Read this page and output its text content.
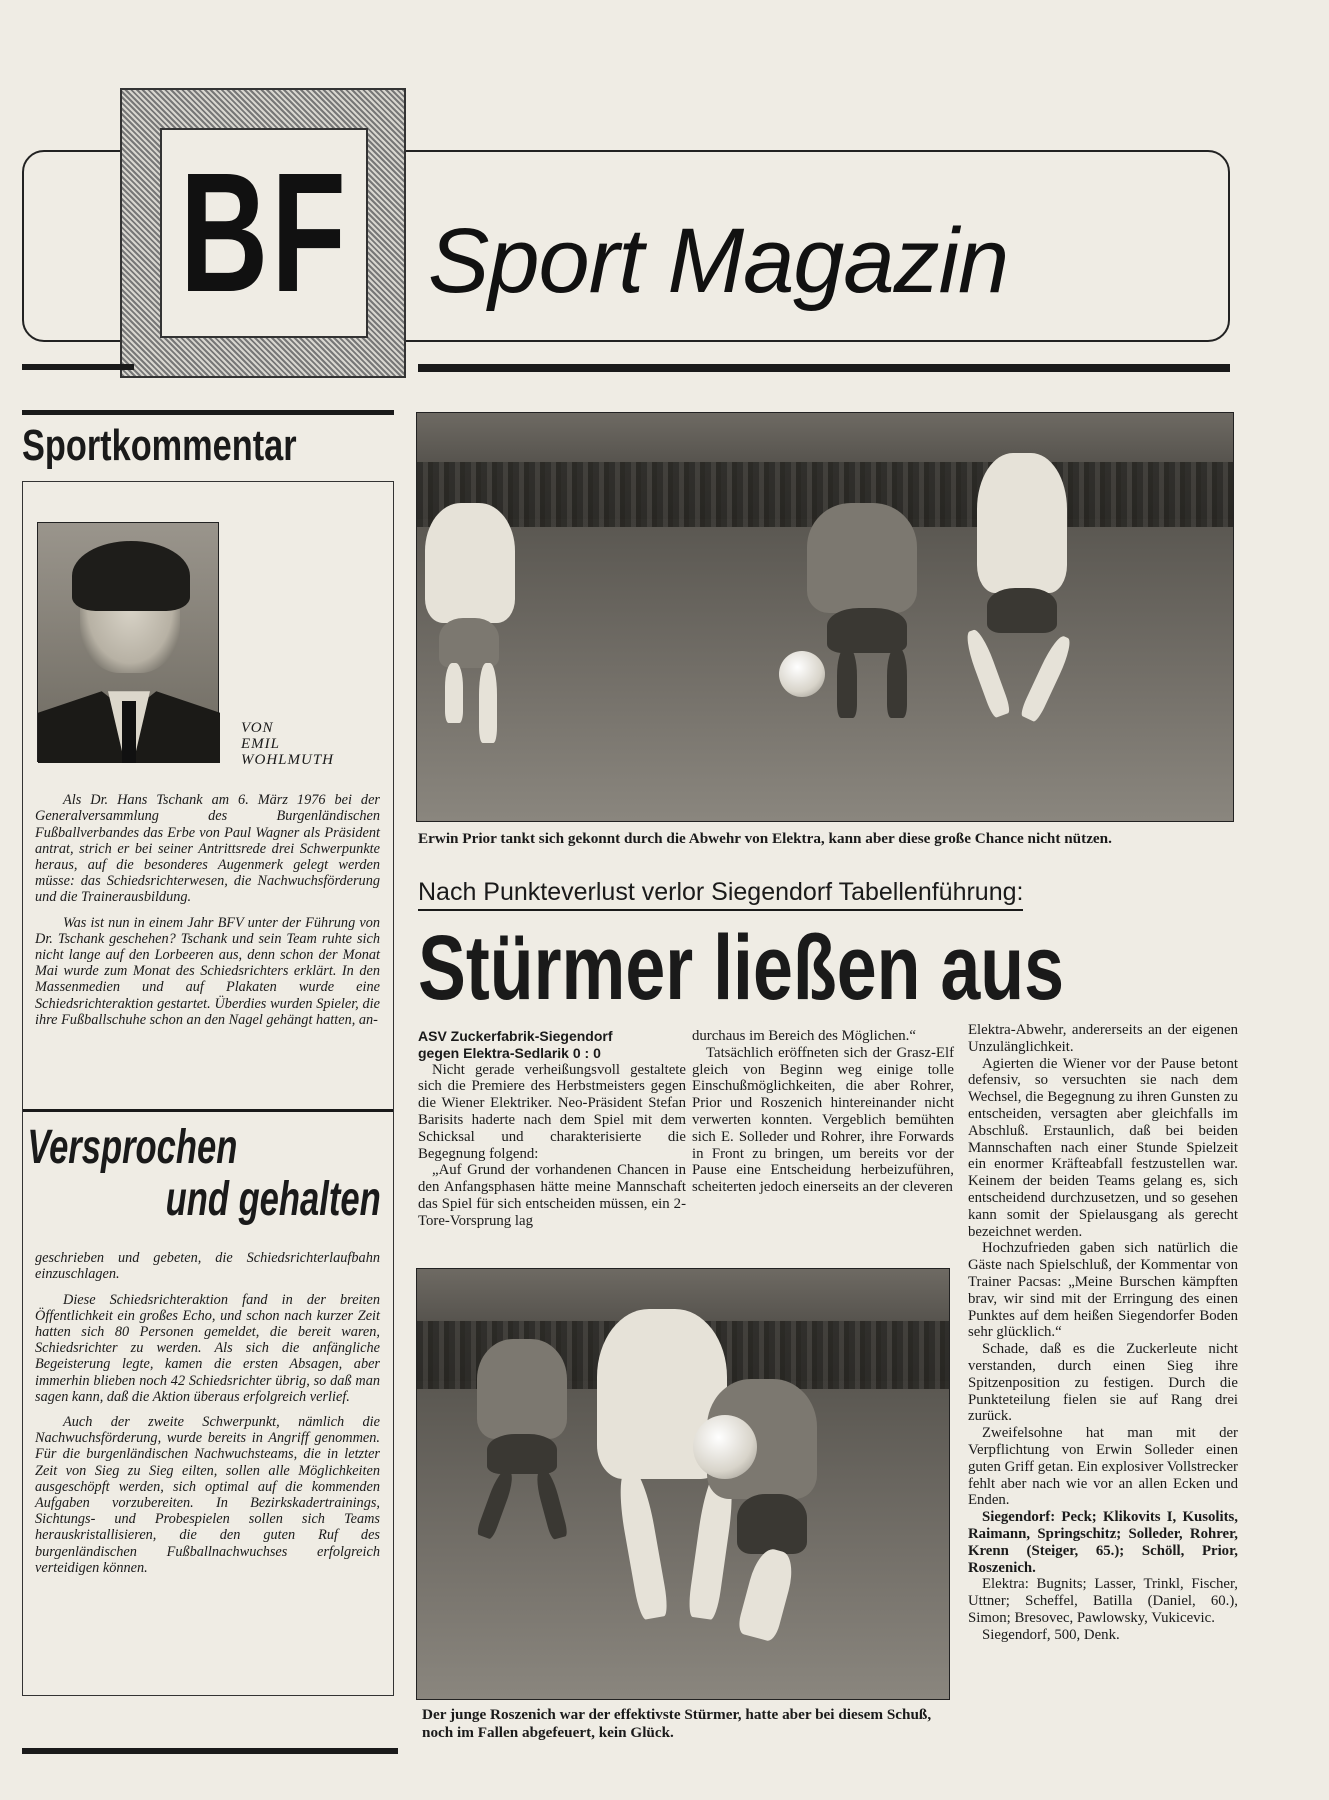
BF Sport Magazin
Sportkommentar
VON
EMIL
WOHLMUTH

Als Dr. Hans Tschank am 6. März 1976 bei der Generalversammlung des Burgenländischen Fußballverbandes das Erbe von Paul Wagner als Präsident antrat, strich er bei seiner Antrittsrede drei Schwerpunkte heraus, auf die besonderes Augenmerk gelegt werden müsse: das Schiedsrichterwesen, die Nachwuchsförderung und die Trainerausbildung.

Was ist nun in einem Jahr BFV unter der Führung von Dr. Tschank geschehen? Tschank und sein Team ruhte sich nicht lange auf den Lorbeeren aus, denn schon der Monat Mai wurde zum Monat des Schiedsrichters erklärt. In den Massenmedien und auf Plakaten wurde eine Schiedsrichteraktion gestartet. Überdies wurden Spieler, die ihre Fußballschuhe schon an den Nagel gehängt hatten, an-

Versprochen
und gehalten

geschrieben und gebeten, die Schiedsrichterlaufbahn einzuschlagen.

Diese Schiedsrichteraktion fand in der breiten Öffentlichkeit ein großes Echo, und schon nach kurzer Zeit hatten sich 80 Personen gemeldet, die bereit waren, Schiedsrichter zu werden. Als sich die anfängliche Begeisterung legte, kamen die ersten Absagen, aber immerhin blieben noch 42 Schiedsrichter übrig, so daß man sagen kann, daß die Aktion überaus erfolgreich verlief.

Auch der zweite Schwerpunkt, nämlich die Nachwuchsförderung, wurde bereits in Angriff genommen. Für die burgenländischen Nachwuchsteams, die in letzter Zeit von Sieg zu Sieg eilten, sollen alle Möglichkeiten ausgeschöpft werden, sich optimal auf die kommenden Aufgaben vorzubereiten. In Bezirkskadertrainings, Sichtungs- und Probespielen sollen sich Teams herauskristallisieren, die den guten Ruf des burgenländischen Fußballnachwuchses erfolgreich verteidigen können.

Erwin Prior tankt sich gekonnt durch die Abwehr von Elektra, kann aber diese große Chance nicht nützen.
Nach Punkteverlust verlor Siegendorf Tabellenführung:
Stürmer ließen aus

ASV Zuckerfabrik-Siegendorf

gegen Elektra-Sedlarik 0 : 0

Nicht gerade verheißungsvoll gestaltete sich die Premiere des Herbstmeisters gegen die Wiener Elektriker. Neo-Präsident Stefan Barisits haderte nach dem Spiel mit dem Schicksal und charakterisierte die Begegnung folgend:

„Auf Grund der vorhandenen Chancen in den Anfangsphasen hätte meine Mannschaft das Spiel für sich entscheiden müssen, ein 2-Tore-Vorsprung lag

durchaus im Bereich des Möglichen.“

Tatsächlich eröffneten sich der Grasz-Elf gleich von Beginn weg einige tolle Einschußmöglichkeiten, die aber Rohrer, Prior und Roszenich hintereinander nicht verwerten konnten. Vergeblich bemühten sich E. Solleder und Rohrer, ihre Forwards in Front zu bringen, um bereits vor der Pause eine Entscheidung herbeizuführen, scheiterten jedoch einerseits an der cleveren

Elektra-Abwehr, andererseits an der eigenen Unzulänglichkeit.

Agierten die Wiener vor der Pause betont defensiv, so versuchten sie nach dem Wechsel, die Begegnung zu ihren Gunsten zu entscheiden, versagten aber gleichfalls im Abschluß. Erstaunlich, daß bei beiden Mannschaften nach einer Stunde Spielzeit ein enormer Kräfteabfall festzustellen war. Keinem der beiden Teams gelang es, sich entscheidend durchzusetzen, und so gesehen kann somit der Spielausgang als gerecht bezeichnet werden.

Hochzufrieden gaben sich natürlich die Gäste nach Spielschluß, der Kommentar von Trainer Pacsas: „Meine Burschen kämpften brav, wir sind mit der Erringung des einen Punktes auf dem heißen Siegendorfer Boden sehr glücklich.“

Schade, daß es die Zuckerleute nicht verstanden, durch einen Sieg ihre Spitzenposition zu festigen. Durch die Punkteteilung fielen sie auf Rang drei zurück.

Zweifelsohne hat man mit der Verpflichtung von Erwin Solleder einen guten Griff getan. Ein explosiver Vollstrecker fehlt aber nach wie vor an allen Ecken und Enden.

Siegendorf: Peck; Klikovits I, Kusolits, Raimann, Springschitz; Solleder, Rohrer, Krenn (Steiger, 65.); Schöll, Prior, Roszenich.

Elektra: Bugnits; Lasser, Trinkl, Fischer, Uttner; Scheffel, Batilla (Daniel, 60.), Simon; Bresovec, Pawlowsky, Vukicevic.

Siegendorf, 500, Denk.

Der junge Roszenich war der effektivste Stürmer, hatte aber bei diesem Schuß, noch im Fallen abgefeuert, kein Glück.
